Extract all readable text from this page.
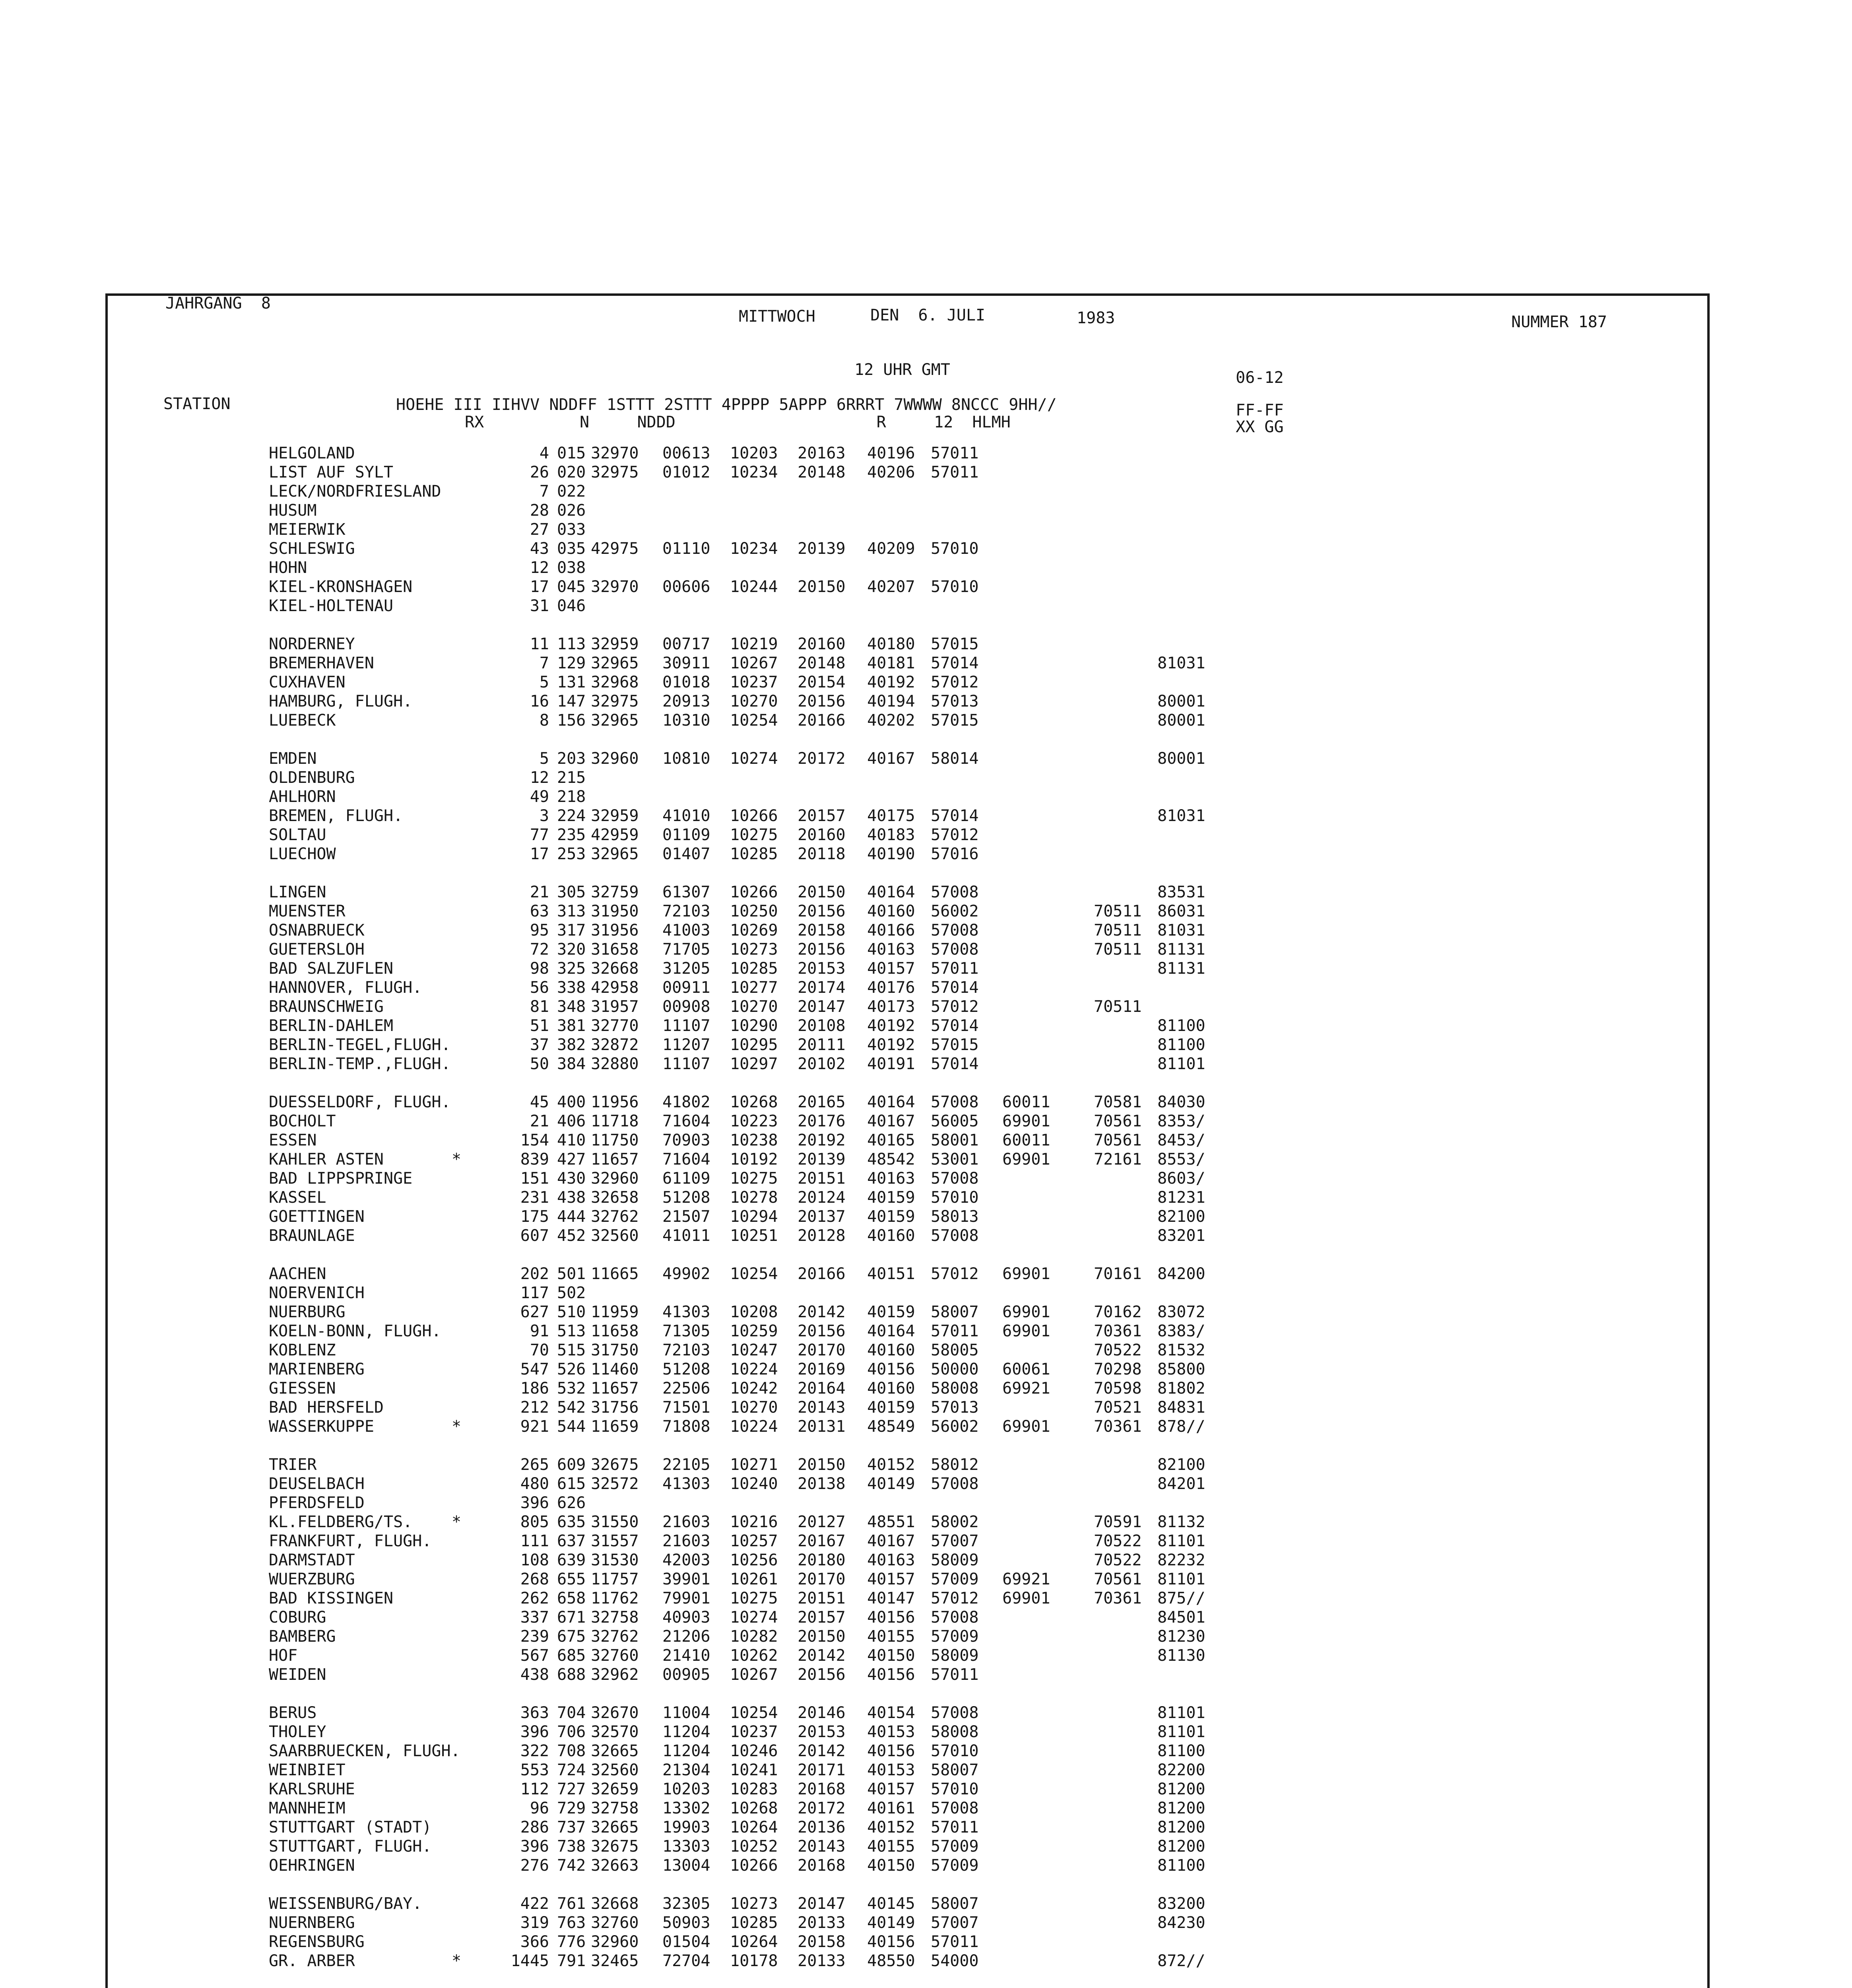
JAHRGANG  8
MITTWOCH	DEN  6. JULI	1983	NUMMER 187
12 UHR GMT	06-12
STATION	HOEHE III IIHVV NDDFF 1STTT 2STTT 4PPPP 5APPP 6RRRT 7WWWW 8NCCC 9HH//
RX          N     NDDD                     R     12  HLMH
FF-FF
XX GG
HELGOLAND	4 015 32970 00613 10203 20163 40196 57011
LIST AUF SYLT	26 020 32975 01012 10234 20148 40206 57011
LECK/NORDFRIESLAND	7 022
HUSUM	28 026
MEIERWIK	27 033
SCHLESWIG	43 035 42975 01110 10234 20139 40209 57010
HOHN	12 038
KIEL-KRONSHAGEN	17 045 32970 00606 10244 20150 40207 57010
KIEL-HOLTENAU	31 046
NORDERNEY	11 113 32959 00717 10219 20160 40180 57015
BREMERHAVEN	7 129 32965 30911 10267 20148 40181 57014	81031
CUXHAVEN	5 131 32968 01018 10237 20154 40192 57012
HAMBURG, FLUGH.	16 147 32975 20913 10270 20156 40194 57013	80001
LUEBECK	8 156 32965 10310 10254 20166 40202 57015	80001
EMDEN	5 203 32960 10810 10274 20172 40167 58014	80001
OLDENBURG	12 215
AHLHORN	49 218
BREMEN, FLUGH.	3 224 32959 41010 10266 20157 40175 57014	81031
SOLTAU	77 235 42959 01109 10275 20160 40183 57012
LUECHOW	17 253 32965 01407 10285 20118 40190 57016
LINGEN	21 305 32759 61307 10266 20150 40164 57008	83531
MUENSTER	63 313 31950 72103 10250 20156 40160 56002	70511 86031
OSNABRUECK	95 317 31956 41003 10269 20158 40166 57008	70511 81031
GUETERSLOH	72 320 31658 71705 10273 20156 40163 57008	70511 81131
BAD SALZUFLEN	98 325 32668 31205 10285 20153 40157 57011	81131
HANNOVER, FLUGH.	56 338 42958 00911 10277 20174 40176 57014
BRAUNSCHWEIG	81 348 31957 00908 10270 20147 40173 57012	70511
BERLIN-DAHLEM	51 381 32770 11107 10290 20108 40192 57014	81100
BERLIN-TEGEL,FLUGH.	37 382 32872 11207 10295 20111 40192 57015	81100
BERLIN-TEMP.,FLUGH.	50 384 32880 11107 10297 20102 40191 57014	81101
DUESSELDORF, FLUGH.	45 400 11956 41802 10268 20165 40164 57008 60011	70581 84030
BOCHOLT	21 406 11718 71604 10223 20176 40167 56005 69901	70561 8353/
ESSEN	154 410 11750 70903 10238 20192 40165 58001 60011	70561 8453/
KAHLER ASTEN	*	839 427 11657 71604 10192 20139 48542 53001 69901	72161 8553/
BAD LIPPSPRINGE	151 430 32960 61109 10275 20151 40163 57008	8603/
KASSEL	231 438 32658 51208 10278 20124 40159 57010	81231
GOETTINGEN	175 444 32762 21507 10294 20137 40159 58013	82100
BRAUNLAGE	607 452 32560 41011 10251 20128 40160 57008	83201
AACHEN	202 501 11665 49902 10254 20166 40151 57012 69901	70161 84200
NOERVENICH	117 502
NUERBURG	627 510 11959 41303 10208 20142 40159 58007 69901	70162 83072
KOELN-BONN, FLUGH.	91 513 11658 71305 10259 20156 40164 57011 69901	70361 8383/
KOBLENZ	70 515 31750 72103 10247 20170 40160 58005	70522 81532
MARIENBERG	547 526 11460 51208 10224 20169 40156 50000 60061	70298 85800
GIESSEN	186 532 11657 22506 10242 20164 40160 58008 69921	70598 81802
BAD HERSFELD	212 542 31756 71501 10270 20143 40159 57013	70521 84831
WASSERKUPPE	*	921 544 11659 71808 10224 20131 48549 56002 69901	70361 878//
TRIER	265 609 32675 22105 10271 20150 40152 58012	82100
DEUSELBACH	480 615 32572 41303 10240 20138 40149 57008	84201
PFERDSFELD	396 626
KL.FELDBERG/TS. *	805 635 31550 21603 10216 20127 48551 58002	70591 81132
FRANKFURT, FLUGH.	111 637 31557 21603 10257 20167 40167 57007	70522 81101
DARMSTADT	108 639 31530 42003 10256 20180 40163 58009	70522 82232
WUERZBURG	268 655 11757 39901 10261 20170 40157 57009 69921	70561 81101
BAD KISSINGEN	262 658 11762 79901 10275 20151 40147 57012 69901	70361 875//
COBURG	337 671 32758 40903 10274 20157 40156 57008	84501
BAMBERG	239 675 32762 21206 10282 20150 40155 57009	81230
HOF	567 685 32760 21410 10262 20142 40150 58009	81130
WEIDEN	438 688 32962 00905 10267 20156 40156 57011
BERUS	363 704 32670 11004 10254 20146 40154 57008	81101
THOLEY	396 706 32570 11204 10237 20153 40153 58008	81101
SAARBRUECKEN, FLUGH.	322 708 32665 11204 10246 20142 40156 57010	81100
WEINBIET	553 724 32560 21304 10241 20171 40153 58007	82200
KARLSRUHE	112 727 32659 10203 10283 20168 40157 57010	81200
MANNHEIM	96 729 32758 13302 10268 20172 40161 57008	81200
STUTTGART (STADT)	286 737 32665 19903 10264 20136 40152 57011	81200
STUTTGART, FLUGH.	396 738 32675 13303 10252 20143 40155 57009	81200
OEHRINGEN	276 742 32663 13004 10266 20168 40150 57009	81100
WEISSENBURG/BAY.	422 761 32668 32305 10273 20147 40145 58007	83200
NUERNBERG	319 763 32760 50903 10285 20133 40149 57007	84230
REGENSBURG	366 776 32960 01504 10264 20158 40156 57011
GR. ARBER	*	1445 791 32465 72704 10178 20133 48550 54000	872//
